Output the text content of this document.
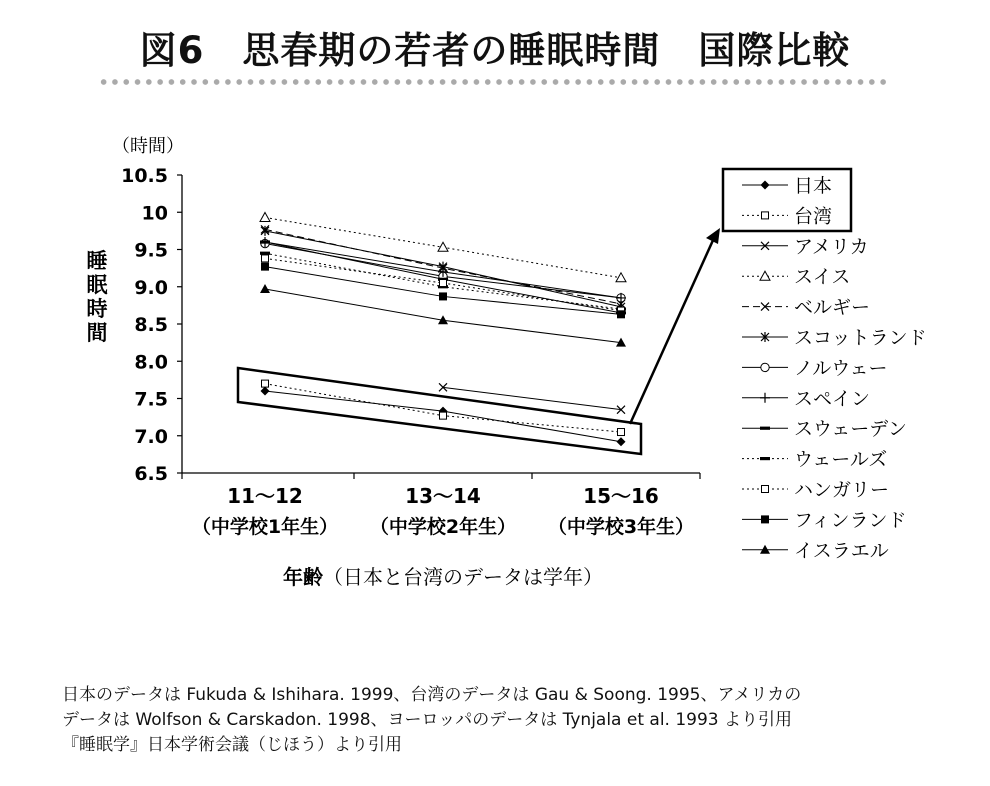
図6　思春期の若者の睡眠時間　国際比較
6.5
7.0
7.5
8.0
8.5
9.0
9.5
10
10.5
11〜12
（中学校1年生）
13〜14
（中学校2年生）
15〜16
（中学校3年生）
（時間）
睡
眠
時
間
年齢（日本と台湾のデータは学年）
日本
台湾
アメリカ
スイス
ベルギー
スコットランド
ノルウェー
スペイン
スウェーデン
ウェールズ
ハンガリー
フィンランド
イスラエル
日本のデータは Fukuda & Ishihara. 1999、台湾のデータは Gau & Soong. 1995、アメリカの
データは Wolfson & Carskadon. 1998、ヨーロッパのデータは Tynjala et al. 1993 より引用
『睡眠学』日本学術会議（じほう）より引用
